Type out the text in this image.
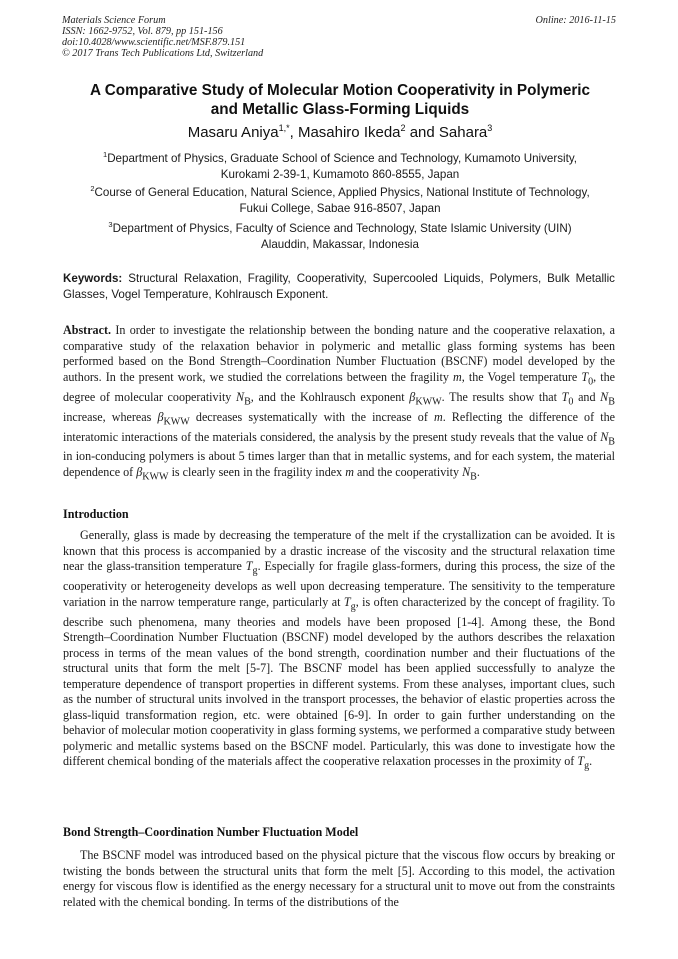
Materials Science Forum
ISSN: 1662-9752, Vol. 879, pp 151-156
doi:10.4028/www.scientific.net/MSF.879.151
© 2017 Trans Tech Publications Ltd, Switzerland
Online: 2016-11-15
A Comparative Study of Molecular Motion Cooperativity in Polymeric
and Metallic Glass-Forming Liquids
Masaru Aniya$^{1,*}$, Masahiro Ikeda$^2$ and Sahara$^3$
$^1$Department of Physics, Graduate School of Science and Technology, Kumamoto University,
Kurokami 2-39-1, Kumamoto 860-8555, Japan
$^2$Course of General Education, Natural Science, Applied Physics, National Institute of Technology,
Fukui College, Sabae 916-8507, Japan
$^3$Department of Physics, Faculty of Science and Technology, State Islamic University (UIN)
Alauddin, Makassar, Indonesia
Keywords: Structural Relaxation, Fragility, Cooperativity, Supercooled Liquids, Polymers, Bulk Metallic Glasses, Vogel Temperature, Kohlrausch Exponent.
Abstract. In order to investigate the relationship between the bonding nature and the cooperative relaxation, a comparative study of the relaxation behavior in polymeric and metallic glass forming systems has been performed based on the Bond Strength–Coordination Number Fluctuation (BSCNF) model developed by the authors. In the present work, we studied the correlations between the fragility m, the Vogel temperature $T_0$, the degree of molecular cooperativity $N_B$, and the Kohlrausch exponent $\beta_{KWW}$. The results show that $T_0$ and $N_B$ increase, whereas $\beta_{KWW}$ decreases systematically with the increase of m. Reflecting the difference of the interatomic interactions of the materials considered, the analysis by the present study reveals that the value of $N_B$ in ion-conducing polymers is about 5 times larger than that in metallic systems, and for each system, the material dependence of $\beta_{KWW}$ is clearly seen in the fragility index m and the cooperativity $N_B$.
Introduction
Generally, glass is made by decreasing the temperature of the melt if the crystallization can be avoided. It is known that this process is accompanied by a drastic increase of the viscosity and the structural relaxation time near the glass-transition temperature $T_g$. Especially for fragile glass-formers, during this process, the size of the cooperativity or heterogeneity develops as well upon decreasing temperature. The sensitivity to the temperature variation in the narrow temperature range, particularly at $T_g$, is often characterized by the concept of fragility. To describe such phenomena, many theories and models have been proposed [1-4]. Among these, the Bond Strength–Coordination Number Fluctuation (BSCNF) model developed by the authors describes the relaxation process in terms of the mean values of the bond strength, coordination number and their fluctuations of the structural units that form the melt [5-7]. The BSCNF model has been applied successfully to analyze the temperature dependence of transport properties in different systems. From these analyses, important clues, such as the number of structural units involved in the transport processes, the behavior of elastic properties across the glass-liquid transformation region, etc. were obtained [6-9]. In order to gain further understanding on the behavior of molecular motion cooperativity in glass forming systems, we performed a comparative study between polymeric and metallic systems based on the BSCNF model. Particularly, this was done to investigate how the different chemical bonding of the materials affect the cooperative relaxation processes in the proximity of $T_g$.
Bond Strength–Coordination Number Fluctuation Model
The BSCNF model was introduced based on the physical picture that the viscous flow occurs by breaking or twisting the bonds between the structural units that form the melt [5]. According to this model, the activation energy for viscous flow is identified as the energy necessary for a structural unit to move out from the constraints related with the chemical bonding. In terms of the distributions of the
